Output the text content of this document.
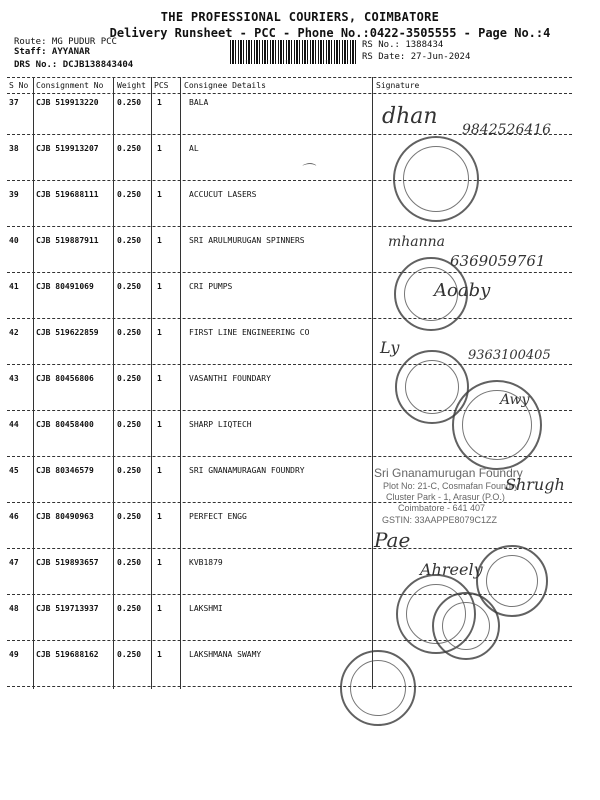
THE PROFESSIONAL COURIERS, COIMBATORE
Delivery Runsheet - PCC - Phone No.:0422-3505555 - Page No.:4
Route: MG PUDUR PCC
Staff: AYYANAR
DRS No.: DCJB138843404
RS No.: 1388434
RS Date: 27-Jun-2024
S No Consignment No Weight PCS Consignee Details	Signature
37 CJB 519913220 0.250 1	BALA
38 CJB 519913207 0.250 1	AL
39 CJB 519688111 0.250 1	ACCUCUT LASERS
40 CJB 519887911 0.250 1	SRI ARULMURUGAN SPINNERS
41 CJB 80491069	0.250 1	CRI PUMPS
42 CJB 519622859 0.250 1	FIRST LINE ENGINEERING CO
43 CJB 80456806	0.250 1	VASANTHI FOUNDARY
44 CJB 80458400	0.250 1	SHARP LIQTECH
45 CJB 80346579	0.250 1	SRI GNANAMURAGAN FOUNDRY
46 CJB 80490963	0.250 1	PERFECT ENGG
47 CJB 519893657 0.250 1	KVB1879
48 CJB 519713937 0.250 1	LAKSHMI
49 CJB 519688162 0.250 1	LAKSHMANA SWAMY
dhan
9842526416
⌒
mhanna
6369059761
Aoaby
Ly	9363100405
Awy
Sri Gnanamurugan Foundry
Plot No: 21-C, Cosmafan Foundry
Cluster Park - 1, Arasur (P.O.)
Coimbatore - 641 407
GSTIN: 33AAPPE8079C1ZZ
Shrugh
Pae
Ahreely
